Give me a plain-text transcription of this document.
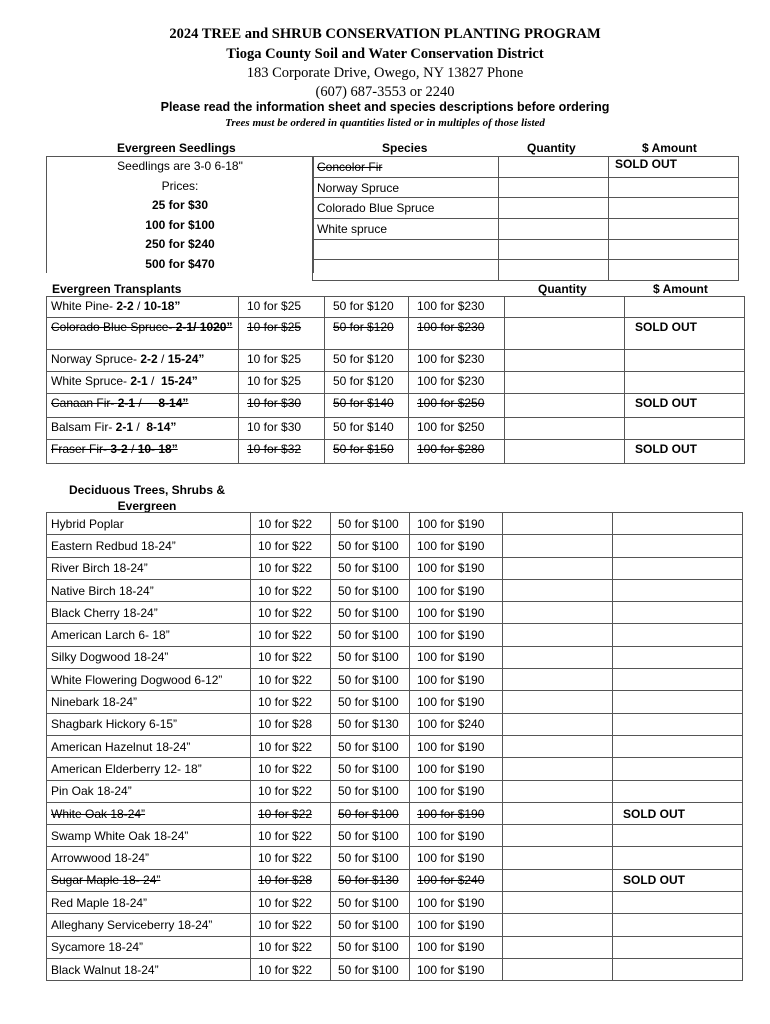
2024 TREE and SHRUB CONSERVATION PLANTING PROGRAM
Tioga County Soil and Water Conservation District
183 Corporate Drive, Owego, NY 13827 Phone
(607) 687-3553 or 2240
Please read the information sheet and species descriptions before ordering
Trees must be ordered in quantities listed or in multiples of those listed
Evergreen Seedlings	Species	Quantity	$ Amount
Seedlings are 3-0 6-18"
Prices:
25 for $30
100 for $100
250 for $240
500 for $470
Concolor Fir		SOLD OUT
Norway Spruce		
Colorado Blue Spruce		
White spruce		

Evergreen Transplants	Quantity	$ Amount
White Pine- 2-2 / 10-18”	10 for $25	50 for $120	100 for $230		
Colorado Blue Spruce- 2-1/ 1020”	10 for $25	50 for $120	100 for $230		SOLD OUT
Norway Spruce- 2-2 / 15-24”	10 for $25	50 for $120	100 for $230		
White Spruce- 2-1 /  15-24”	10 for $25	50 for $120	100 for $230		
Canaan Fir- 2-1 /     8-14”	10 for $30	50 for $140	100 for $250		SOLD OUT
Balsam Fir- 2-1 /  8-14”	10 for $30	50 for $140	100 for $250		
Fraser Fir- 3-2 / 10- 18”	10 for $32	50 for $150	100 for $280		SOLD OUT
Deciduous Trees, Shrubs &
Evergreen
Hybrid Poplar	10 for $22	50 for $100	100 for $190		
Eastern Redbud 18-24”	10 for $22	50 for $100	100 for $190		
River Birch 18-24”	10 for $22	50 for $100	100 for $190		
Native Birch 18-24”	10 for $22	50 for $100	100 for $190		
Black Cherry 18-24”	10 for $22	50 for $100	100 for $190		
American Larch 6- 18”	10 for $22	50 for $100	100 for $190		
Silky Dogwood 18-24”	10 for $22	50 for $100	100 for $190		
White Flowering Dogwood 6-12”	10 for $22	50 for $100	100 for $190		
Ninebark 18-24”	10 for $22	50 for $100	100 for $190		
Shagbark Hickory 6-15”	10 for $28	50 for $130	100 for $240		
American Hazelnut 18-24”	10 for $22	50 for $100	100 for $190		
American Elderberry 12- 18”	10 for $22	50 for $100	100 for $190		
Pin Oak 18-24”	10 for $22	50 for $100	100 for $190		
White Oak 18-24”	10 for $22	50 for $100	100 for $190		SOLD OUT
Swamp White Oak 18-24”	10 for $22	50 for $100	100 for $190		
Arrowwood 18-24”	10 for $22	50 for $100	100 for $190		
Sugar Maple 18- 24”	10 for $28	50 for $130	100 for $240		SOLD OUT
Red Maple 18-24”	10 for $22	50 for $100	100 for $190		
Alleghany Serviceberry 18-24”	10 for $22	50 for $100	100 for $190		
Sycamore 18-24”	10 for $22	50 for $100	100 for $190		
Black Walnut 18-24”	10 for $22	50 for $100	100 for $190		
